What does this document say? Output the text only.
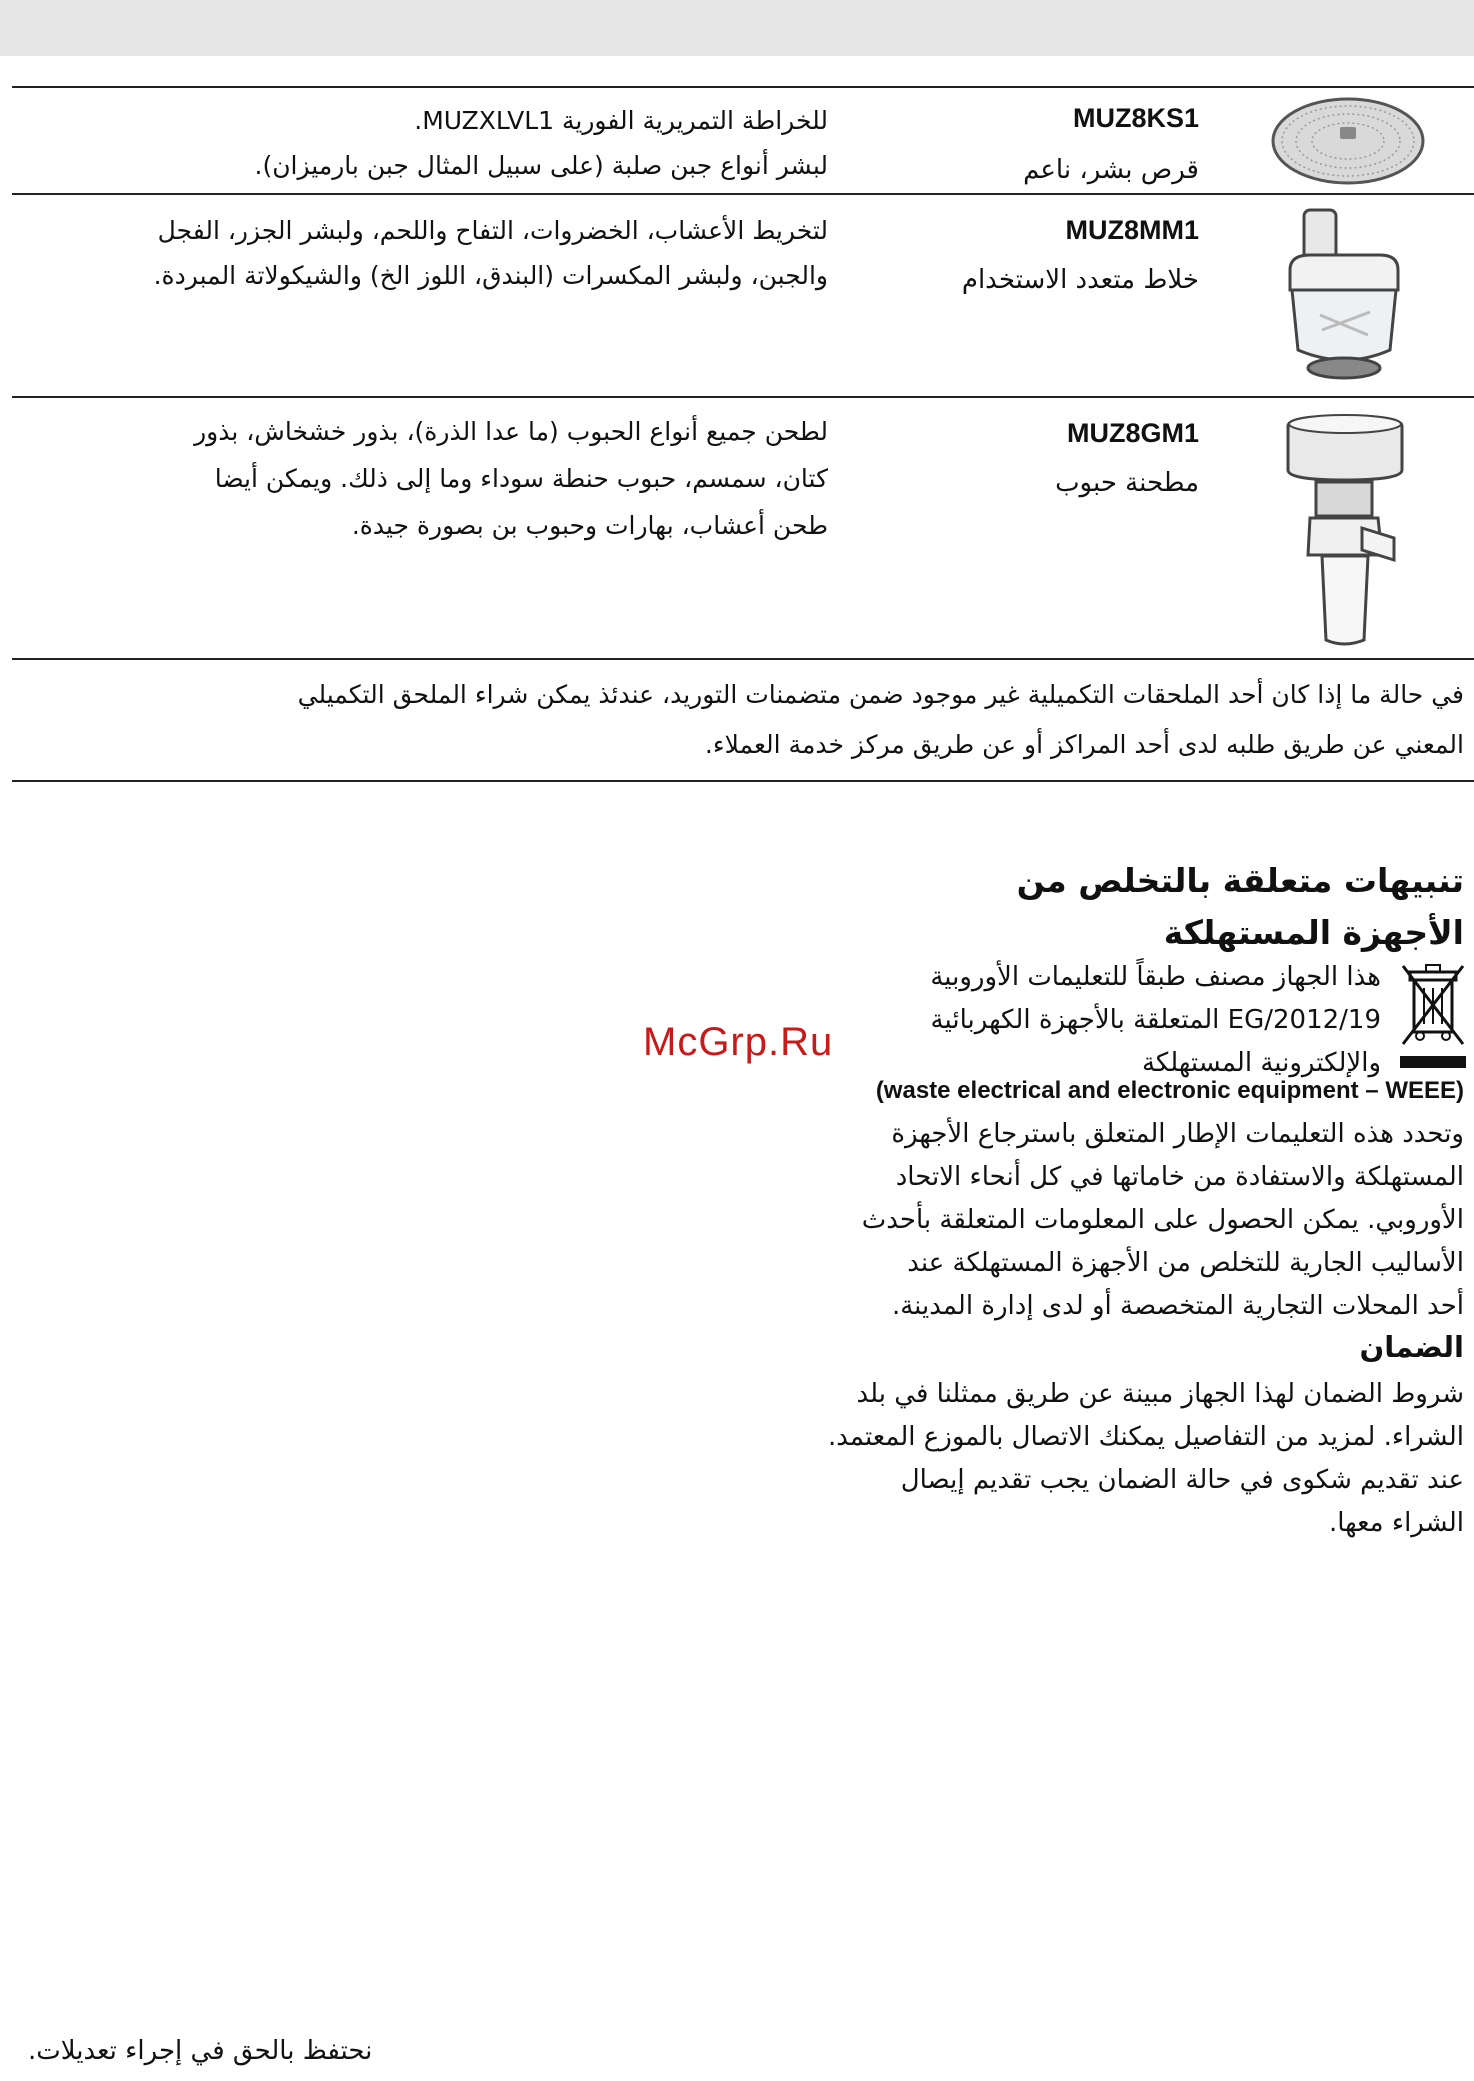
MUZ8KS1
قرص بشر، ناعم
للخراطة التمريرية الفورية MUZXLVL1.
لبشر أنواع جبن صلبة (على سبيل المثال جبن بارميزان).
MUZ8MM1
خلاط متعدد الاستخدام
لتخريط الأعشاب، الخضروات، التفاح واللحم، ولبشر الجزر، الفجل
والجبن، ولبشر المكسرات (البندق، اللوز الخ) والشيكولاتة المبردة.
MUZ8GM1
مطحنة حبوب
لطحن جميع أنواع الحبوب (ما عدا الذرة)، بذور خشخاش، بذور
كتان، سمسم، حبوب حنطة سوداء وما إلى ذلك. ويمكن أيضا
طحن أعشاب، بهارات وحبوب بن بصورة جيدة.
في حالة ما إذا كان أحد الملحقات التكميلية غير موجود ضمن متضمنات التوريد، عندئذ يمكن شراء الملحق التكميلي
المعني عن طريق طلبه لدى أحد المراكز أو عن طريق مركز خدمة العملاء.
تنبيهات متعلقة بالتخلص من
الأجهزة المستهلكة
هذا الجهاز مصنف طبقاً للتعليمات الأوروبية
2012/19/EG المتعلقة بالأجهزة الكهربائية
والإلكترونية المستهلكة
(waste electrical and electronic equipment – WEEE)
وتحدد هذه التعليمات الإطار المتعلق باسترجاع الأجهزة
المستهلكة والاستفادة من خاماتها في كل أنحاء الاتحاد
الأوروبي. يمكن الحصول على المعلومات المتعلقة بأحدث
الأساليب الجارية للتخلص من الأجهزة المستهلكة عند
أحد المحلات التجارية المتخصصة أو لدى إدارة المدينة.
McGrp.Ru
الضمان
شروط الضمان لهذا الجهاز مبينة عن طريق ممثلنا في بلد
الشراء. لمزيد من التفاصيل يمكنك الاتصال بالموزع المعتمد.
عند تقديم شكوى في حالة الضمان يجب تقديم إيصال
الشراء معها.
نحتفظ بالحق في إجراء تعديلات.
